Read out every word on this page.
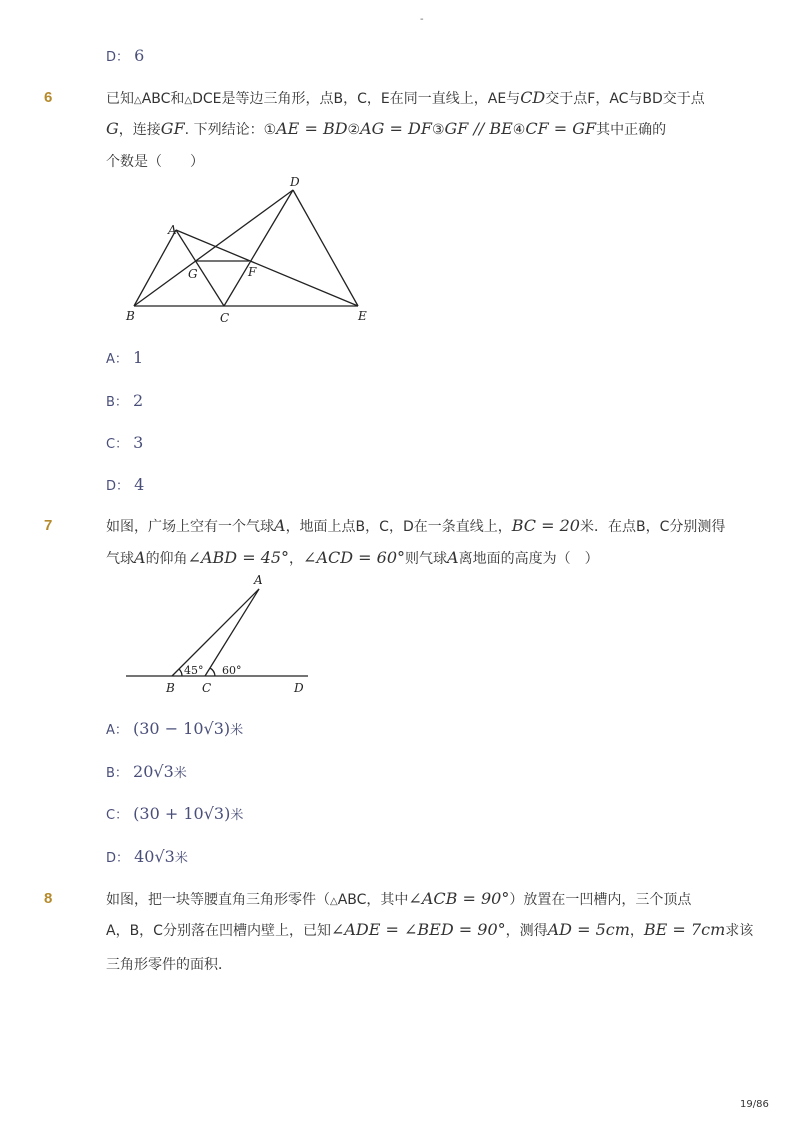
-
D： 6
6	已知△ABC和△DCE是等边三角形，点B，C，E在同一直线上，AE与CD交于点F，AC与BD交于点
G，连接GF. 下列结论：①AE = BD②AG = DF③GF // BE④CF = GF其中正确的
个数是（　　）
D
A
G	F
B	C	E
A： 1
B： 2
C： 3
D： 4
7	如图，广场上空有一个气球A，地面上点B，C，D在一条直线上，BC = 20米．在点B，C分别测得
气球A的仰角∠ABD = 45°，∠ACD = 60°则气球A离地面的高度为（　）
A
B C	D
45° 60°
A： (30 − 10√3)米
B： 20√3米
C： (30 + 10√3)米
D： 40√3米
8	如图，把一块等腰直角三角形零件（△ABC，其中∠ACB = 90°）放置在一凹槽内，三个顶点
A，B，C分别落在凹槽内壁上，已知∠ADE = ∠BED = 90°，测得AD = 5cm，BE = 7cm求该
三角形零件的面积．
19/86
